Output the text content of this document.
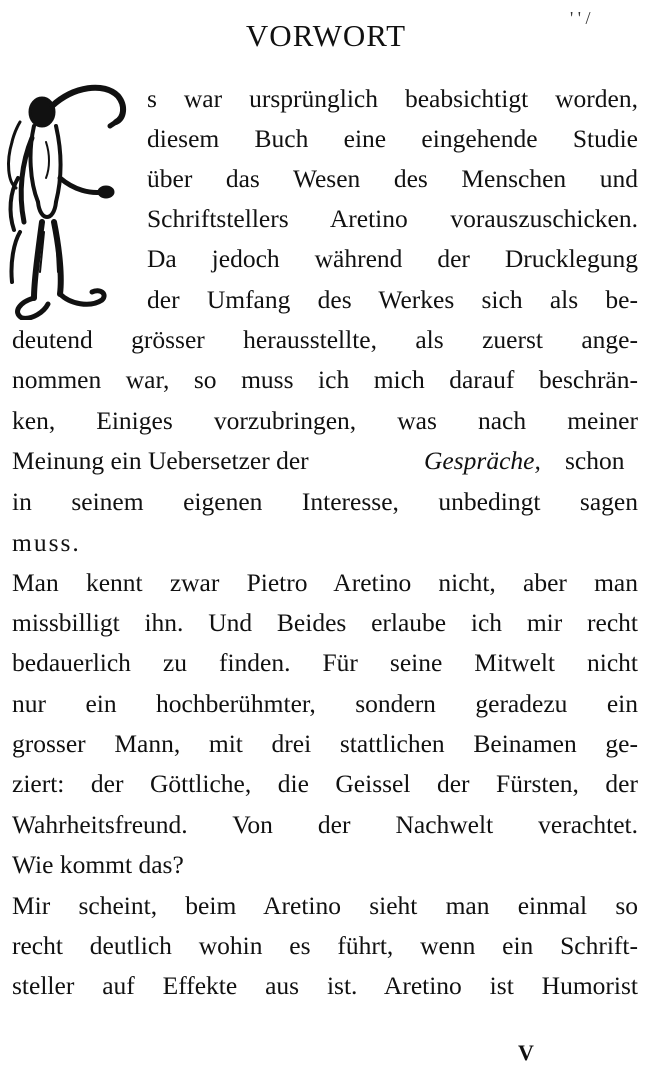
VORWORT	' ' /
s war ursprünglich beabsichtigt worden,
diesem Buch eine eingehende Studie
über das Wesen des Menschen und
Schriftstellers Aretino vorauszuschicken.
Da jedoch während der Drucklegung
der Umfang des Werkes sich als be-
deutend grösser herausstellte, als zuerst ange-
nommen war, so muss ich mich darauf beschrän-
ken, Einiges vorzubringen, was nach meiner
Meinung ein Uebersetzer der	Gespräche, schon
in seinem eigenen Interesse, unbedingt sagen
muss.
Man kennt zwar Pietro Aretino nicht, aber man
missbilligt ihn. Und Beides erlaube ich mir recht
bedauerlich zu finden. Für seine Mitwelt nicht
nur ein hochberühmter, sondern geradezu ein
grosser Mann, mit drei stattlichen Beinamen ge-
ziert: der Göttliche, die Geissel der Fürsten, der
Wahrheitsfreund. Von der Nachwelt verachtet.
Wie kommt das?
Mir scheint, beim Aretino sieht man einmal so
recht deutlich wohin es führt, wenn ein Schrift-
steller auf Effekte aus ist. Aretino ist Humorist
V
